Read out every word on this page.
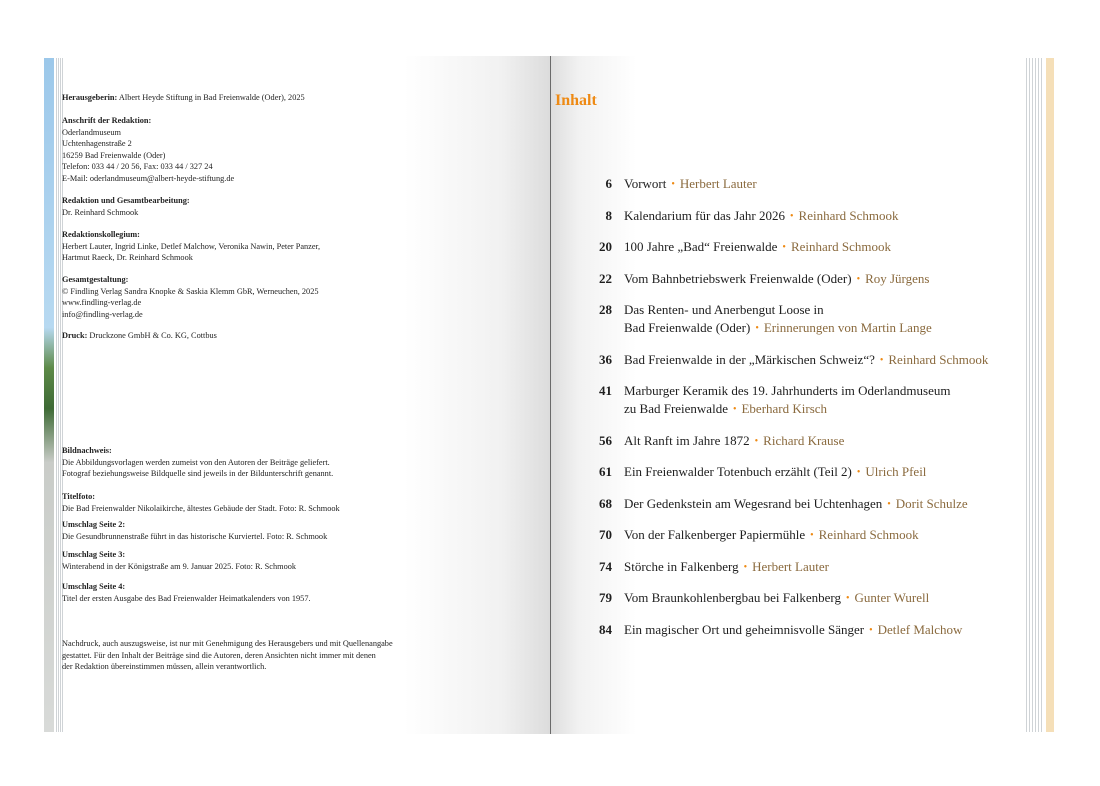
Herausgeberin: Albert Heyde Stiftung in Bad Freienwalde (Oder), 2025

Anschrift der Redaktion:

Oderlandmuseum

Uchtenhagenstraße 2

16259 Bad Freienwalde (Oder)

Telefon: 033 44 / 20 56, Fax: 033 44 / 327 24

E-Mail: oderlandmuseum@albert-heyde-stiftung.de

Redaktion und Gesamtbearbeitung:

Dr. Reinhard Schmook

Redaktionskollegium:

Herbert Lauter, Ingrid Linke, Detlef Malchow, Veronika Nawin, Peter Panzer,

Hartmut Raeck, Dr. Reinhard Schmook

Gesamtgestaltung:

© Findling Verlag Sandra Knopke & Saskia Klemm GbR, Werneuchen, 2025

www.findling-verlag.de

info@findling-verlag.de

Druck: Druckzone GmbH & Co. KG, Cottbus

Bildnachweis:

Die Abbildungsvorlagen werden zumeist von den Autoren der Beiträge geliefert.

Fotograf beziehungsweise Bildquelle sind jeweils in der Bildunterschrift genannt.

Titelfoto:

Die Bad Freienwalder Nikolaikirche, ältestes Gebäude der Stadt. Foto: R. Schmook

Umschlag Seite 2:

Die Gesundbrunnenstraße führt in das historische Kurviertel. Foto: R. Schmook

Umschlag Seite 3:

Winterabend in der Königstraße am 9. Januar 2025. Foto: R. Schmook

Umschlag Seite 4:

Titel der ersten Ausgabe des Bad Freienwalder Heimatkalenders von 1957.

Nachdruck, auch auszugsweise, ist nur mit Genehmigung des Herausgebers und mit Quellenangabe

gestattet. Für den Inhalt der Beiträge sind die Autoren, deren Ansichten nicht immer mit denen

der Redaktion übereinstimmen müssen, allein verantwortlich.

Inhalt
6 Vorwort • Herbert Lauter
8 Kalendarium für das Jahr 2026 • Reinhard Schmook
20 100 Jahre „Bad“ Freienwalde • Reinhard Schmook
22 Vom Bahnbetriebswerk Freienwalde (Oder) • Roy Jürgens
28 Das Renten- und Anerbengut Loose in
Bad Freienwalde (Oder) • Erinnerungen von Martin Lange
36 Bad Freienwalde in der „Märkischen Schweiz“? • Reinhard Schmook
41 Marburger Keramik des 19. Jahrhunderts im Oderlandmuseum
zu Bad Freienwalde • Eberhard Kirsch
56 Alt Ranft im Jahre 1872 • Richard Krause
61 Ein Freienwalder Totenbuch erzählt (Teil 2) • Ulrich Pfeil
68 Der Gedenkstein am Wegesrand bei Uchtenhagen • Dorit Schulze
70 Von der Falkenberger Papiermühle • Reinhard Schmook
74 Störche in Falkenberg • Herbert Lauter
79 Vom Braunkohlenbergbau bei Falkenberg • Gunter Wurell
84 Ein magischer Ort und geheimnisvolle Sänger • Detlef Malchow
